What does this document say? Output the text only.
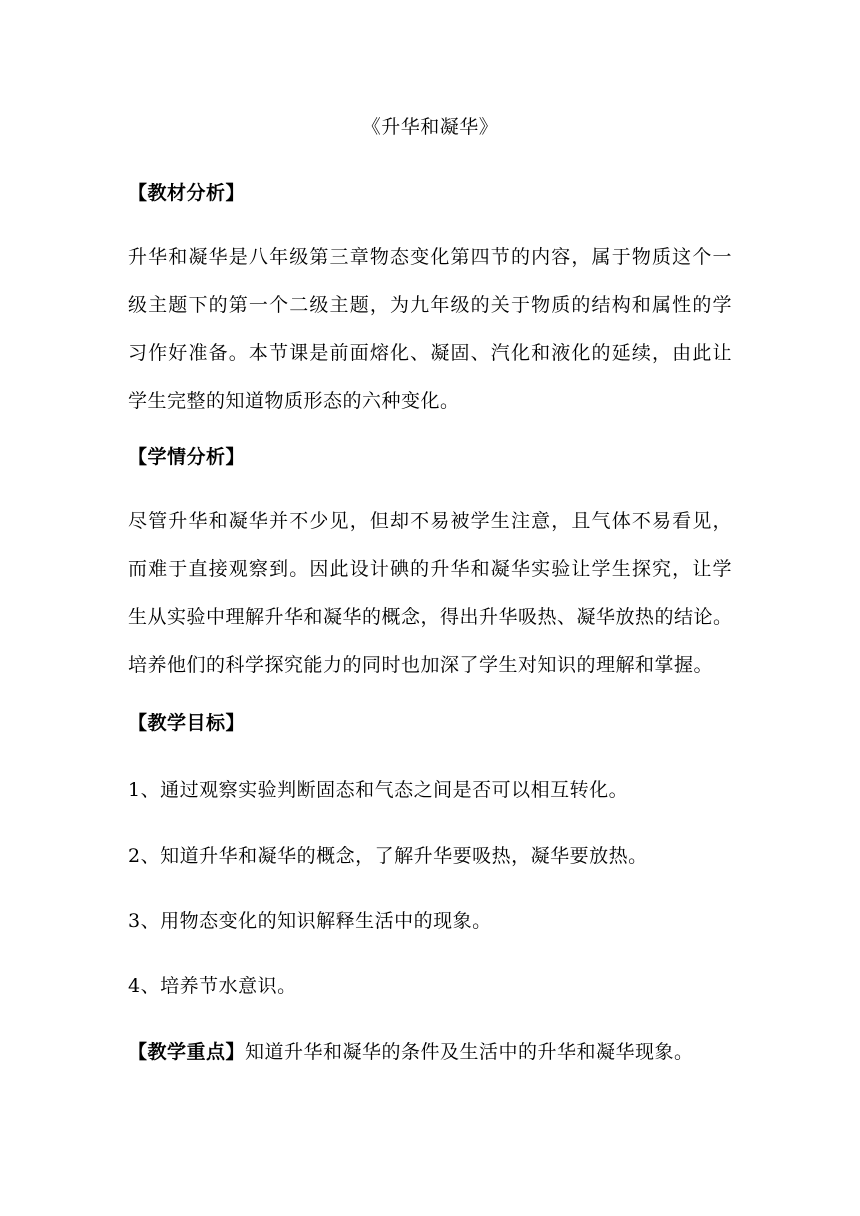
《升华和凝华》
【教材分析】
升华和凝华是八年级第三章物态变化第四节的内容，属于物质这个一
级主题下的第一个二级主题，为九年级的关于物质的结构和属性的学
习作好准备。本节课是前面熔化、凝固、汽化和液化的延续，由此让
学生完整的知道物质形态的六种变化。
【学情分析】
尽管升华和凝华并不少见，但却不易被学生注意，且气体不易看见，
而难于直接观察到。因此设计碘的升华和凝华实验让学生探究，让学
生从实验中理解升华和凝华的概念，得出升华吸热、凝华放热的结论。
培养他们的科学探究能力的同时也加深了学生对知识的理解和掌握。
【教学目标】
1、通过观察实验判断固态和气态之间是否可以相互转化。
2、知道升华和凝华的概念，了解升华要吸热，凝华要放热。
3、用物态变化的知识解释生活中的现象。
4、培养节水意识。
【教学重点】知道升华和凝华的条件及生活中的升华和凝华现象。
